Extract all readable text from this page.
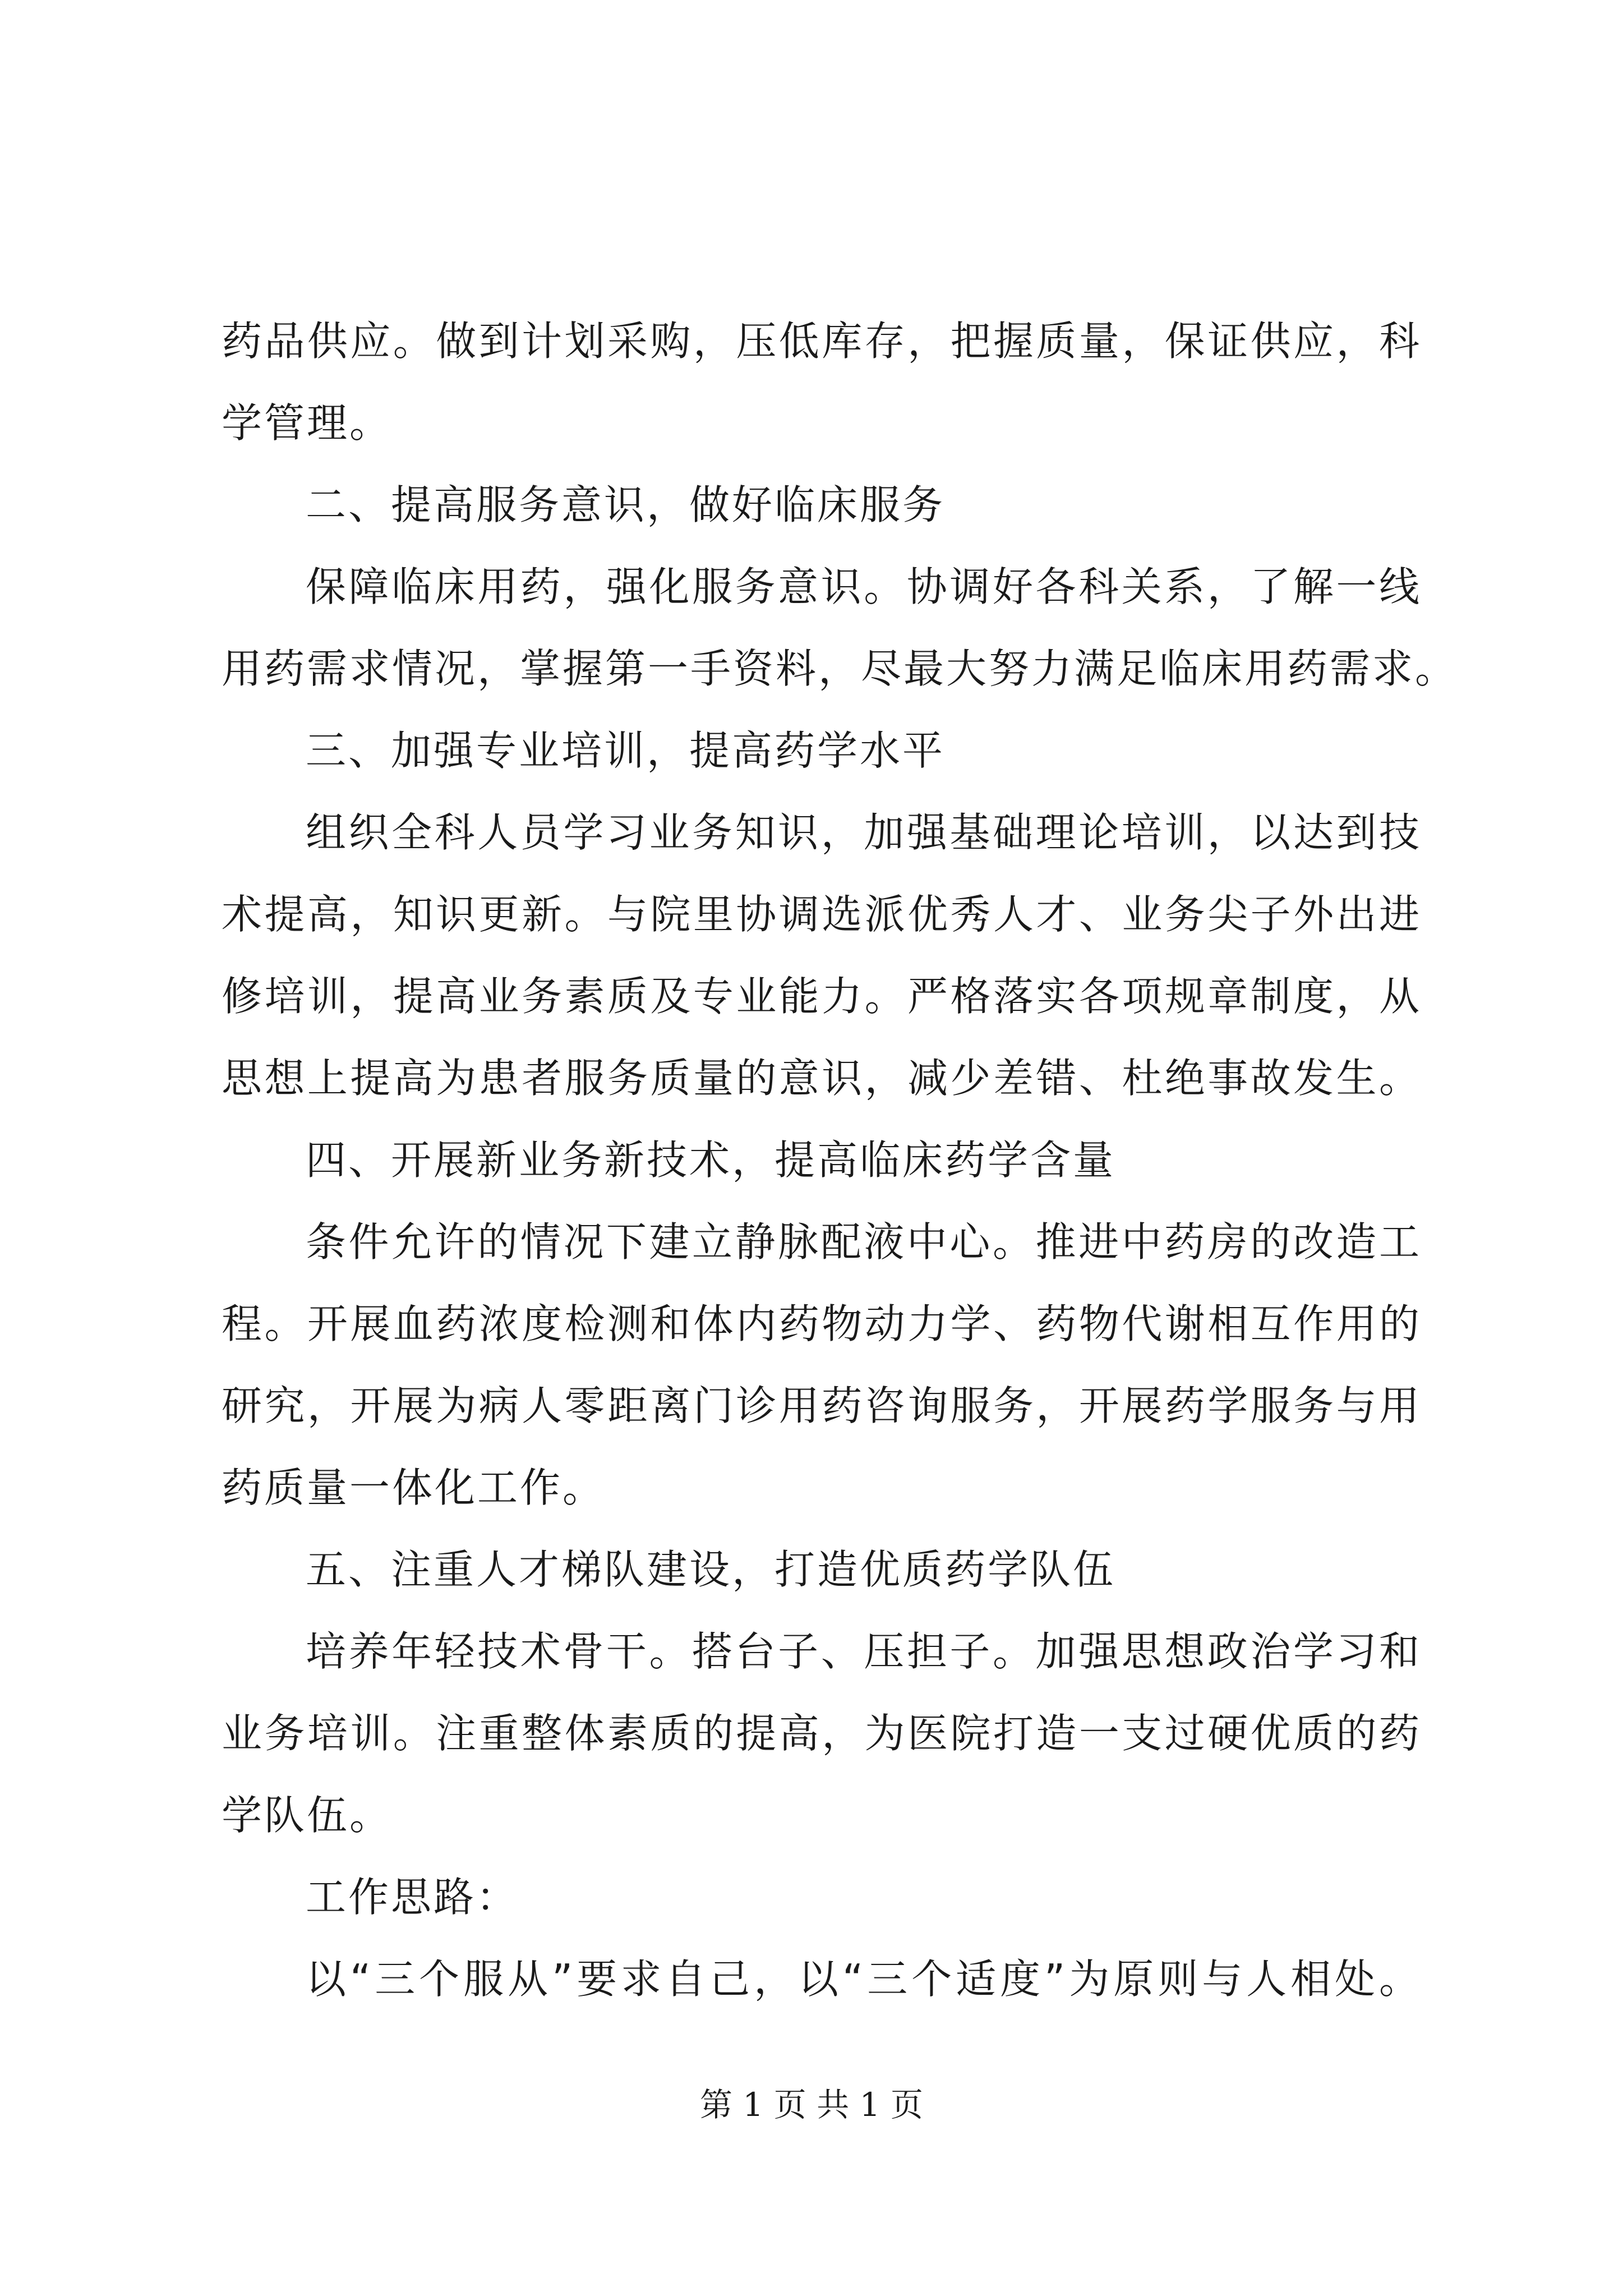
药品供应。做到计划采购，压低库存，把握质量，保证供应，科

学管理。

二、提高服务意识，做好临床服务

保障临床用药，强化服务意识。协调好各科关系，了解一线

用药需求情况，掌握第一手资料，尽最大努力满足临床用药需求。

三、加强专业培训，提高药学水平

组织全科人员学习业务知识，加强基础理论培训，以达到技

术提高，知识更新。与院里协调选派优秀人才、业务尖子外出进

修培训，提高业务素质及专业能力。严格落实各项规章制度，从

思想上提高为患者服务质量的意识，减少差错、杜绝事故发生。

四、开展新业务新技术，提高临床药学含量

条件允许的情况下建立静脉配液中心。推进中药房的改造工

程。开展血药浓度检测和体内药物动力学、药物代谢相互作用的

研究，开展为病人零距离门诊用药咨询服务，开展药学服务与用

药质量一体化工作。

五、注重人才梯队建设，打造优质药学队伍

培养年轻技术骨干。搭台子、压担子。加强思想政治学习和

业务培训。注重整体素质的提高，为医院打造一支过硬优质的药

学队伍。

工作思路：

以“三个服从”要求自己，以“三个适度”为原则与人相处。

第 1 页 共 1 页
